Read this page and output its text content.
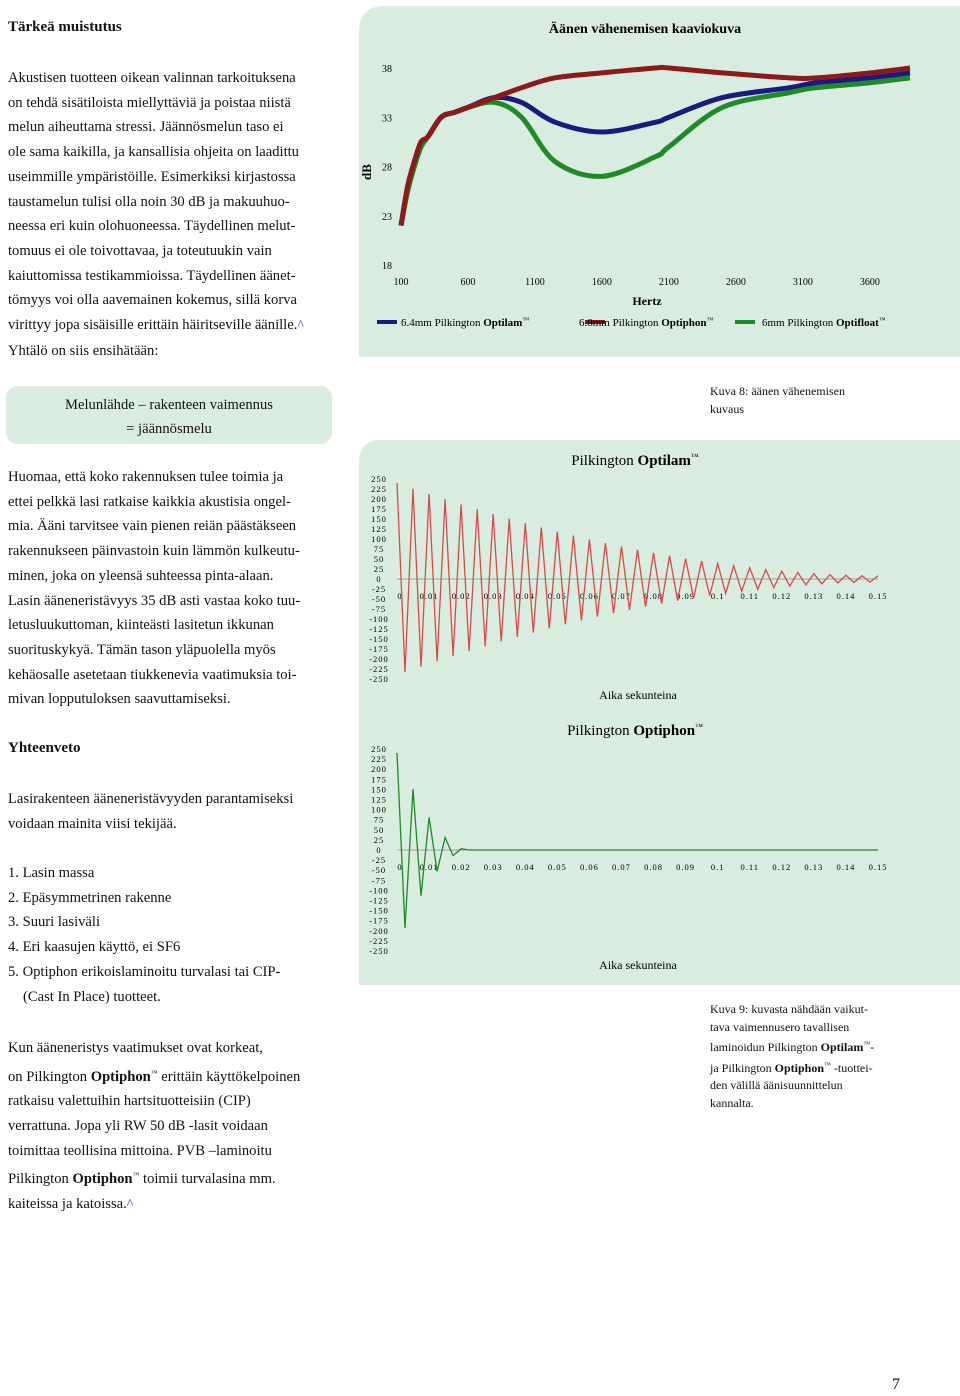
Tärkeä muistutus
Akustisen tuotteen oikean valinnan tarkoituksena
on tehdä sisätiloista miellyttäviä ja poistaa niistä
melun aiheuttama stressi. Jäännösmelun taso ei
ole sama kaikilla, ja kansallisia ohjeita on laadittu
useimmille ympäristöille. Esimerkiksi kirjastossa
taustamelun tulisi olla noin 30 dB ja makuuhuo-
neessa eri kuin olohuoneessa. Täydellinen melut-
tomuus ei ole toivottavaa, ja toteutuukin vain
kaiuttomissa testikammioissa. Täydellinen äänet-
tömyys voi olla aavemainen kokemus, sillä korva
virittyy jopa sisäisille erittäin häiritseville äänille.^
Yhtälö on siis ensihätään:
Melunlähde – rakenteen vaimennus
= jäännösmelu
Huomaa, että koko rakennuksen tulee toimia ja
ettei pelkkä lasi ratkaise kaikkia akustisia ongel-
mia. Ääni tarvitsee vain pienen reiän päästäkseen
rakennukseen päinvastoin kuin lämmön kulkeutu-
minen, joka on yleensä suhteessa pinta-alaan.
Lasin ääneneristävyys 35 dB asti vastaa koko tuu-
letusluukuttoman, kiinteästi lasitetun ikkunan
suorituskykyä. Tämän tason yläpuolella myös
kehäosalle asetetaan tiukkenevia vaatimuksia toi-
mivan lopputuloksen saavuttamiseksi.
Yhteenveto
Lasirakenteen ääneneristävyyden parantamiseksi
voidaan mainita viisi tekijää.
1. Lasin massa
2. Epäsymmetrinen rakenne
3. Suuri lasiväli
4. Eri kaasujen käyttö, ei SF6
5. Optiphon erikoislaminoitu turvalasi tai CIP-
(Cast In Place) tuotteet.
Kun ääneneristys vaatimukset ovat korkeat,
on Pilkington Optiphon™ erittäin käyttökelpoinen
ratkaisu valettuihin hartsituotteisiin (CIP)
verrattuna. Jopa yli RW 50 dB -lasit voidaan
toimittaa teollisina mittoina. PVB –laminoitu
Pilkington Optiphon™ toimii turvalasina mm.
kaiteissa ja katoissa.^
Äänen vähenemisen kaaviokuva
dB
38
33
28
23
18
100	600	1100	1600	2100	2600	3100	3600
Hertz
6.4mm Pilkington Optilam™	6.8mm Pilkington Optiphon™	6mm Pilkington Optifloat™
Kuva 8: äänen vähenemisen
kuvaus
Pilkington Optilam™
250
225
200
175
150
125
100
75
50
25
0
-25
-50
-75
-100
-125
-150
-175
-200
-225
-250
0 0.01 0.02 0.03 0.04 0.05 0.06 0.07 0.08 0.09 0.1 0.11 0.12 0.13 0.14 0.15
Aika sekunteina
Pilkington Optiphon™
250
225
200
175
150
125
100
75
50
25
0
-25
-50
-75
-100
-125
-150
-175
-200
-225
-250
0 0.01 0.02 0.03 0.04 0.05 0.06 0.07 0.08 0.09 0.1 0.11 0.12 0.13 0.14 0.15
Aika sekunteina
Kuva 9: kuvasta nähdään vaikut-
tava vaimennusero tavallisen
laminoidun Pilkington Optilam™-
ja Pilkington Optiphon™ -tuottei-
den välillä äänisuunnittelun
kannalta.
7
